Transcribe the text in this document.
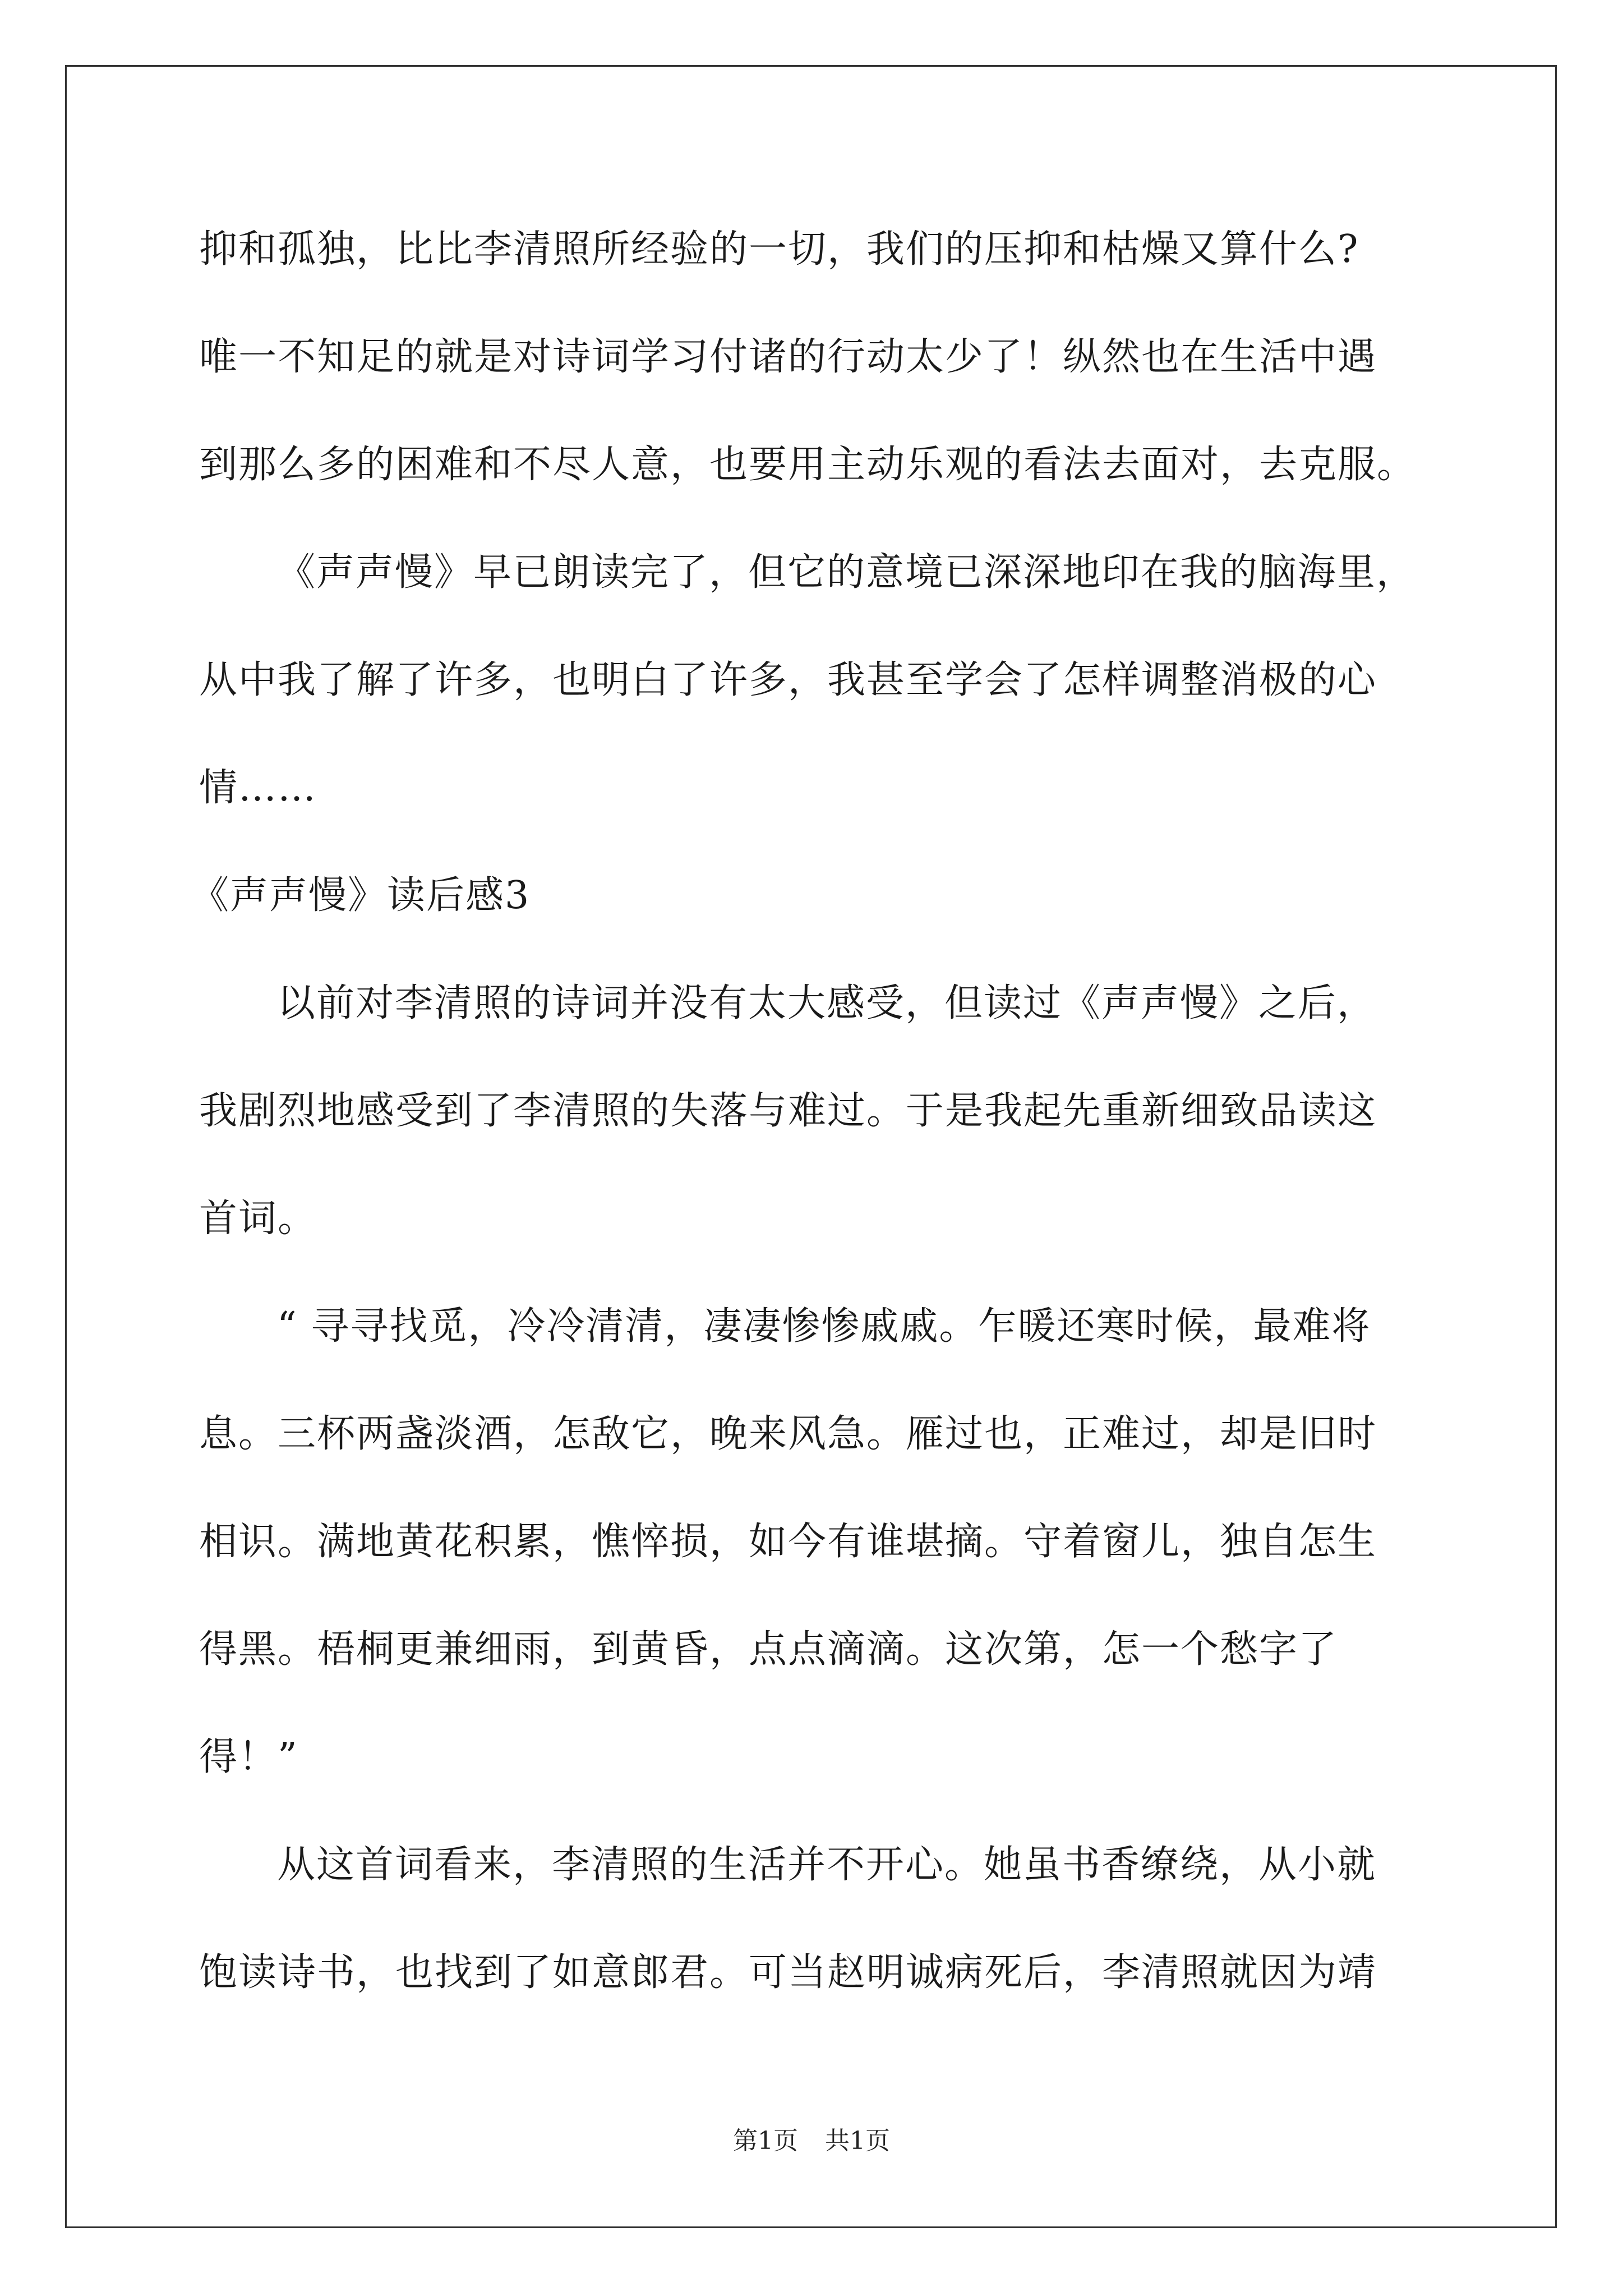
抑和孤独，比比李清照所经验的一切，我们的压抑和枯燥又算什么?
唯一不知足的就是对诗词学习付诸的行动太少了！纵然也在生活中遇
到那么多的困难和不尽人意，也要用主动乐观的看法去面对，去克服。
《声声慢》早已朗读完了，但它的意境已深深地印在我的脑海里，
从中我了解了许多，也明白了许多，我甚至学会了怎样调整消极的心
情……
《声声慢》读后感3
以前对李清照的诗词并没有太大感受，但读过《声声慢》之后，
我剧烈地感受到了李清照的失落与难过。于是我起先重新细致品读这
首词。
“ 寻寻找觅，冷冷清清，凄凄惨惨戚戚。乍暖还寒时候，最难将
息。三杯两盏淡酒，怎敌它，晚来风急。雁过也，正难过，却是旧时
相识。满地黄花积累，憔悴损，如今有谁堪摘。守着窗儿，独自怎生
得黑。梧桐更兼细雨，到黄昏，点点滴滴。这次第，怎一个愁字了
得！”
从这首词看来，李清照的生活并不开心。她虽书香缭绕，从小就
饱读诗书，也找到了如意郎君。可当赵明诚病死后，李清照就因为靖
第1页 共1页
